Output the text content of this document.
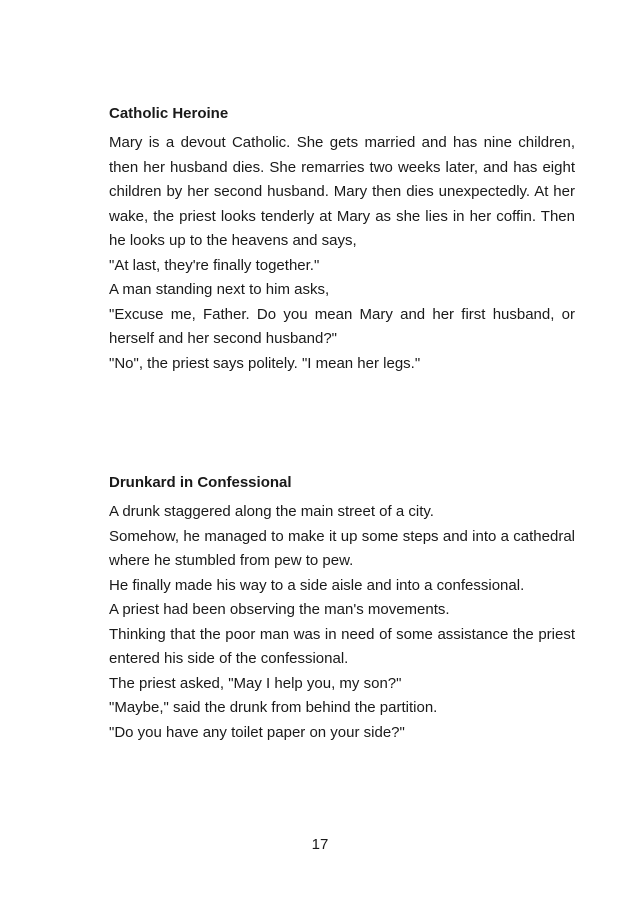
Catholic Heroine

Mary is a devout Catholic. She gets married and has nine children, then her husband dies. She remarries two weeks later, and has eight children by her second husband. Mary then dies unexpectedly. At her wake, the priest looks tenderly at Mary as she lies in her coffin. Then he looks up to the heavens and says,

"At last, they're finally together."

A man standing next to him asks,

"Excuse me, Father. Do you mean Mary and her first husband, or herself and her second husband?"

"No", the priest says politely. "I mean her legs."

Drunkard in Confessional

A drunk staggered along the main street of a city.

Somehow, he managed to make it up some steps and into a cathedral where he stumbled from pew to pew.

He finally made his way to a side aisle and into a confessional.

A priest had been observing the man's movements.

Thinking that the poor man was in need of some assistance the priest entered his side of the confessional.

The priest asked, "May I help you, my son?"

"Maybe," said the drunk from behind the partition.

"Do you have any toilet paper on your side?"

17
